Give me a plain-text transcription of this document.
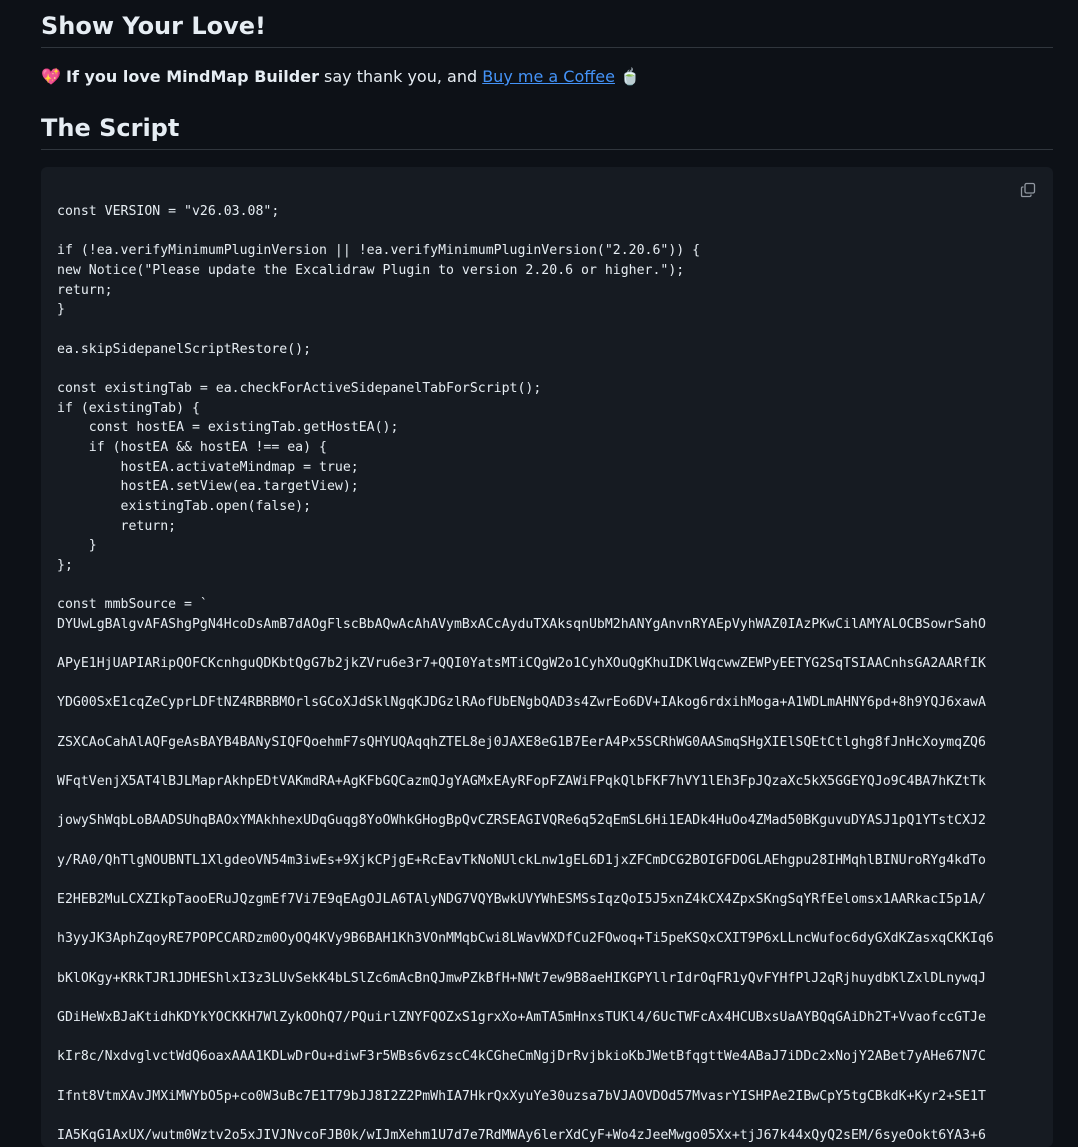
Show Your Love!

💖 If you love MindMap Builder say thank you, and Buy me a Coffee 🍵

The Script
const VERSION = "v26.03.08";
if (!ea.verifyMinimumPluginVersion || !ea.verifyMinimumPluginVersion("2.20.6")) {
new Notice("Please update the Excalidraw Plugin to version 2.20.6 or higher.");
return;
}
ea.skipSidepanelScriptRestore();
const existingTab = ea.checkForActiveSidepanelTabForScript();
if (existingTab) {
const hostEA = existingTab.getHostEA();
if (hostEA && hostEA !== ea) {
hostEA.activateMindmap = true;
hostEA.setView(ea.targetView);
existingTab.open(false);
return;
}
};
const mmbSource = `
DYUwLgBAlgvAFAShgPgN4HcoDsAmB7dAOgFlscBbAQwAcAhAVymBxACcAyduTXAksqnUbM2hANYgAnvnRYAEpVyhWAZ0IAzPKwCilAMYALOCBSowrSahO
APyE1HjUAPIARipQOFCKcnhguQDKbtQgG7b2jkZVru6e3r7+QQI0YatsMTiCQgW2o1CyhXOuQgKhuIDKlWqcwwZEWPyEETYG2SqTSIAACnhsGA2AARfIK
YDG00SxE1cqZeCyprLDFtNZ4RBRBMOrlsGCoXJdSklNgqKJDGzlRAofUbENgbQAD3s4ZwrEo6DV+IAkog6rdxihMoga+A1WDLmAHNY6pd+8h9YQJ6xawA
ZSXCAoCahAlAQFgeAsBAYB4BANySIQFQoehmF7sQHYUQAqqhZTEL8ej0JAXE8eG1B7EerA4Px5SCRhWG0AASmqSHgXIElSQEtCtlghg8fJnHcXoymqZQ6
WFqtVenjX5AT4lBJLMaprAkhpEDtVAKmdRA+AgKFbGQCazmQJgYAGMxEAyRFopFZAWiFPqkQlbFKF7hVY1lEh3FpJQzaXc5kX5GGEYQJo9C4BA7hKZtTk
jowyShWqbLoBAADSUhqBAOxYMAkhhexUDqGuqg8YoOWhkGHogBpQvCZRSEAGIVQRe6q52qEmSL6Hi1EADk4HuOo4ZMad50BKguvuDYASJ1pQ1YTstCXJ2
y/RA0/QhTlgNOUBNTL1XlgdeoVN54m3iwEs+9XjkCPjgE+RcEavTkNoNUlckLnw1gEL6D1jxZFCmDCG2BOIGFDOGLAEhgpu28IHMqhlBINUroRYg4kdTo
E2HEB2MuLCXZIkpTaooERuJQzgmEf7Vi7E9qEAgOJLA6TAlyNDG7VQYBwkUVYWhESMSsIqzQoI5J5xnZ4kCX4ZpxSKngSqYRfEelomsx1AARkacI5p1A/
h3yyJK3AphZqoyRE7POPCCARDzm0OyOQ4KVy9B6BAH1Kh3VOnMMqbCwi8LWavWXDfCu2FOwoq+Ti5peKSQxCXIT9P6xLLncWufoc6dyGXdKZasxqCKKIq6
bKlOKgy+KRkTJR1JDHEShlxI3z3LUvSekK4bLSlZc6mAcBnQJmwPZkBfH+NWt7ew9B8aeHIKGPYllrIdrOqFR1yQvFYHfPlJ2qRjhuydbKlZxlDLnywqJ
GDiHeWxBJaKtidhKDYkYOCKKH7WlZykOOhQ7/PQuirlZNYFQOZxS1grxXo+AmTA5mHnxsTUKl4/6UcTWFcAx4HCUBxsUaAYBQqGAiDh2T+VvaofccGTJe
kIr8c/NxdvglvctWdQ6oaxAAA1KDLwDrOu+diwF3r5WBs6v6zscC4kCGheCmNgjDrRvjbkioKbJWetBfqgttWe4ABaJ7iDDc2xNojY2ABet7yAHe67N7C
Ifnt8VtmXAvJMXiMWYbO5p+co0W3uBc7E1T79bJJ8I2Z2PmWhIA7HkrQxXyuYe30uzsa7bVJAOVDOd57MvasrYISHPAe2IBwCpY5tgCBkdK+Kyr2+SE1T
IA5KqG1AxUX/wutm0Wztv2o5xJIVJNvcoFJB0k/wIJmXehm1U7d7e7RdMWAy6lerXdCyF+Wo4zJeeMwgo05Xx+tjJ67k44xQyQ2sEM/6syeOokt6YA3+6
